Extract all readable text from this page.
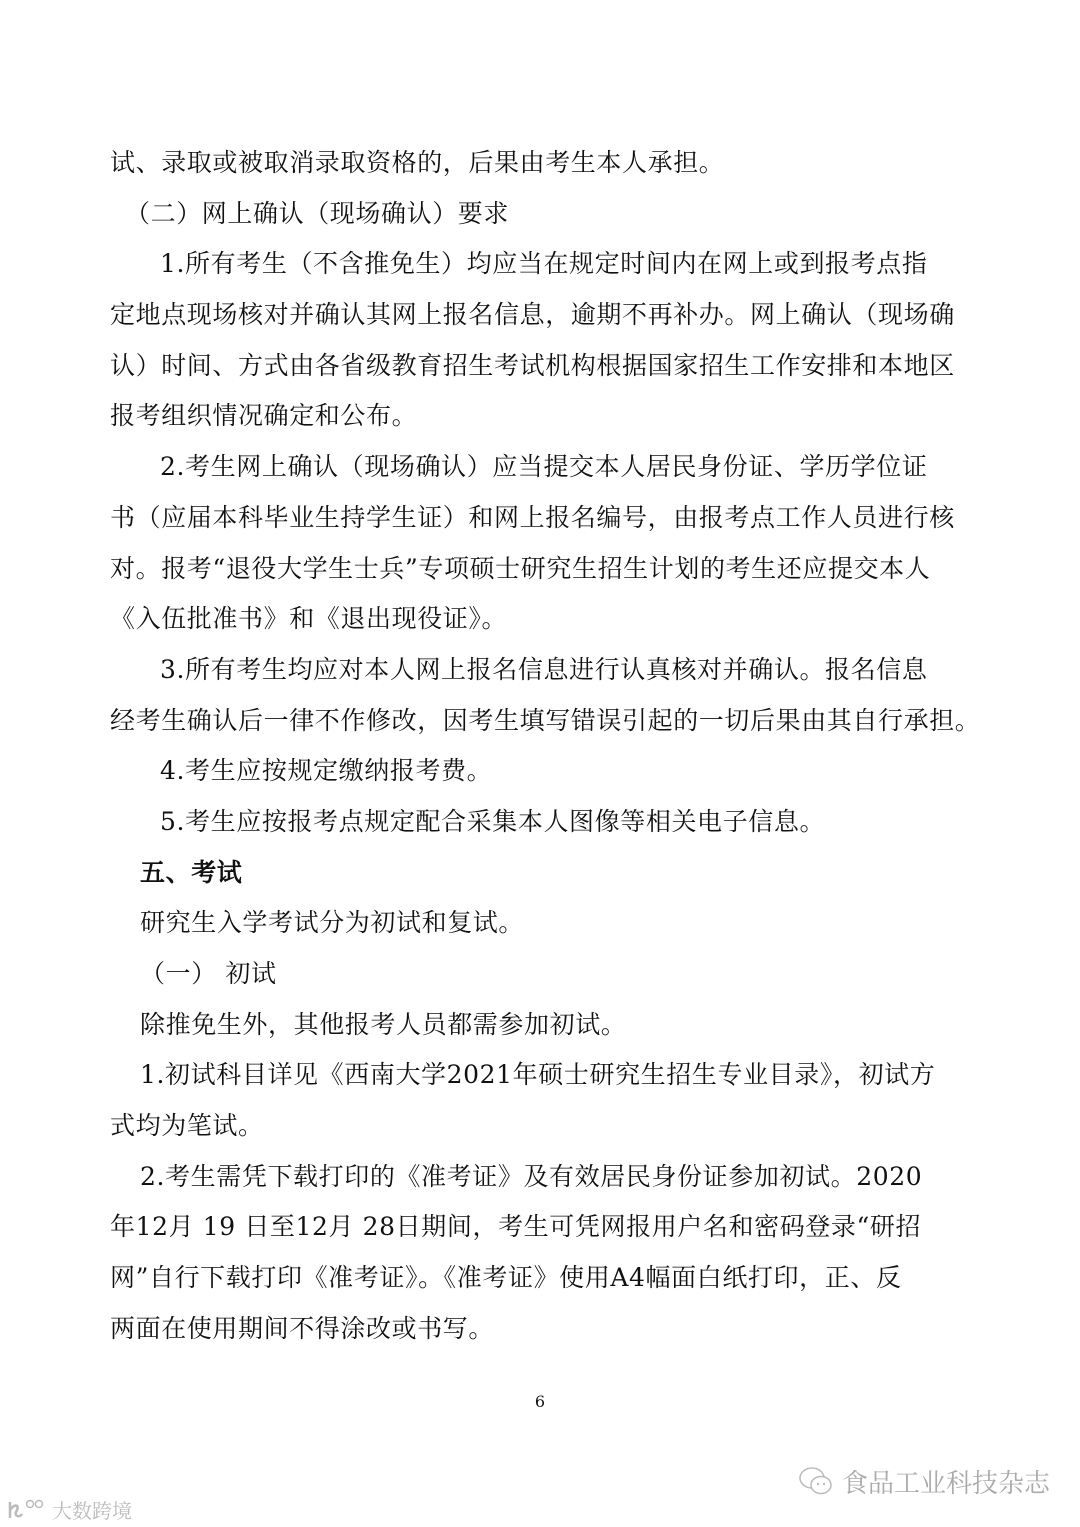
试、录取或被取消录取资格的，后果由考生本人承担。
（二）网上确认（现场确认）要求
1.所有考生（不含推免生）均应当在规定时间内在网上或到报考点指
定地点现场核对并确认其网上报名信息，逾期不再补办。网上确认（现场确
认）时间、方式由各省级教育招生考试机构根据国家招生工作安排和本地区
报考组织情况确定和公布。
2.考生网上确认（现场确认）应当提交本人居民身份证、学历学位证
书（应届本科毕业生持学生证）和网上报名编号，由报考点工作人员进行核
对。报考“退役大学生士兵”专项硕士研究生招生计划的考生还应提交本人
《入伍批准书》和《退出现役证》。
3.所有考生均应对本人网上报名信息进行认真核对并确认。报名信息
经考生确认后一律不作修改，因考生填写错误引起的一切后果由其自行承担。
4.考生应按规定缴纳报考费。
5.考生应按报考点规定配合采集本人图像等相关电子信息。
五、考试
研究生入学考试分为初试和复试。
（一） 初试
除推免生外，其他报考人员都需参加初试。
1.初试科目详见《西南大学2021年硕士研究生招生专业目录》，初试方
式均为笔试。
2.考生需凭下载打印的《准考证》及有效居民身份证参加初试。2020
年12月 19 日至12月 28日期间，考生可凭网报用户名和密码登录“研招
网”自行下载打印《准考证》。《准考证》使用A4幅面白纸打印，正、反
两面在使用期间不得涂改或书写。
6
食品工业科技杂志
大数跨境
